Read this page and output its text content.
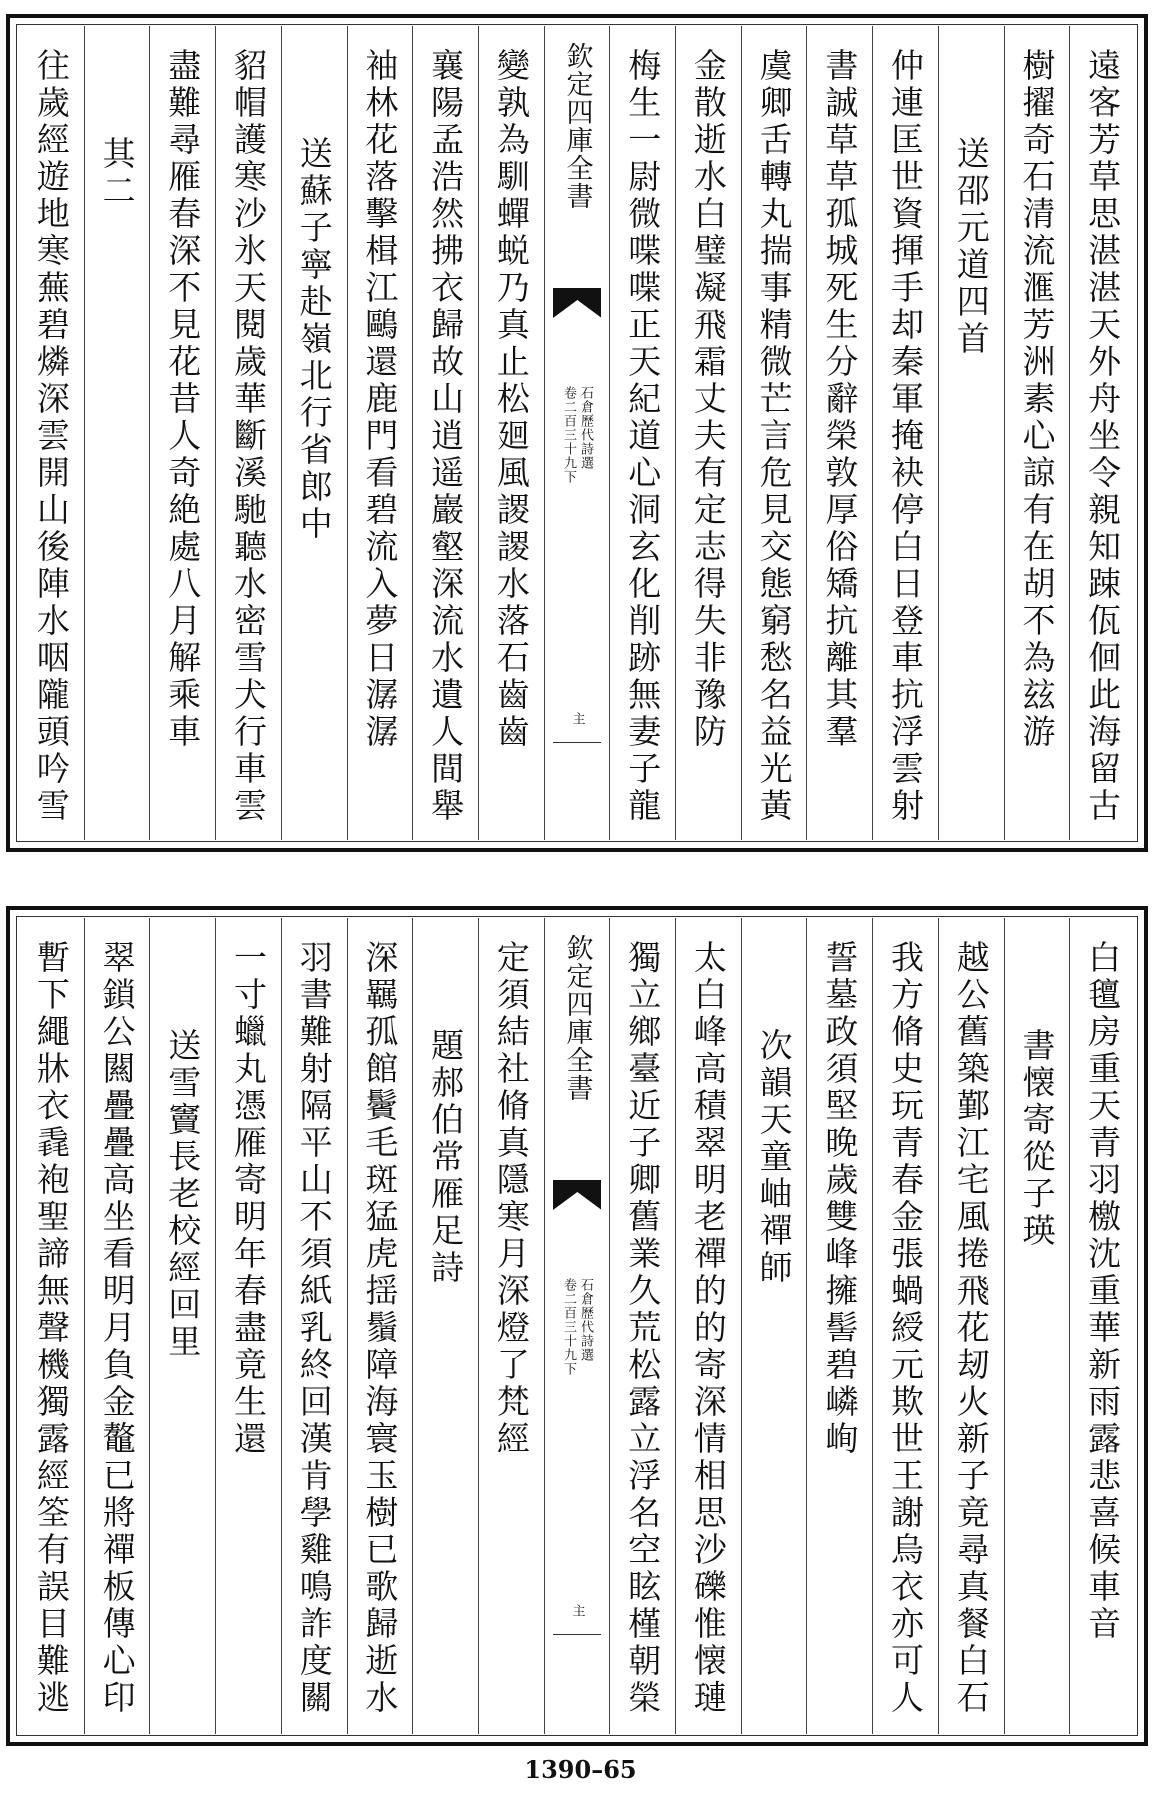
遠客芳草思湛湛天外舟坐令親知踈佤佪此海留古
樹擢奇石清流滙芳洲素心諒有在胡不為玆游
送邵元道四首
仲連匡世資揮手却秦軍掩袂停白日登車抗浮雲射
書誠草草孤城死生分辭榮敦厚俗矯抗離其羣
虞卿舌轉丸揣事精微芒言危見交態窮愁名益光黃
金散逝水白璧凝飛霜丈夫有定志得失非豫防
梅生一尉微喋喋正天紀道心洞玄化削跡無妻子龍
欽定四庫全書
石倉歷代詩選
卷二百三十九下
主
變孰為馴蟬蜕乃真止松廻風謖謖水落石齒齒
襄陽孟浩然拂衣歸故山逍遥巖壑深流水遺人間舉
袖林花落擊楫江鷗還鹿門看碧流入夢日潺潺
送蘇子寧赴嶺北行省郎中
貂帽護寒沙氷天閱歲華斷溪馳聽水密雪犬行車雲
盡難尋雁春深不見花昔人奇絶處八月解乘車
其二
往歲經遊地寒蕪碧燐深雲開山後陣水咽隴頭吟雪
白氊房重天青羽檄沈重華新雨露悲喜候車音
書懐寄從子瑛
越公舊築鄞江宅風捲飛花刼火新子竟尋真餐白石
我方脩史玩青春金張蝸綬元欺世王謝烏衣亦可人
誓墓政須堅晚歲雙峰擁髻碧嶙峋
次韻天童岫禪師
太白峰高積翠明老禪的的寄深情相思沙礫惟懐璉
獨立鄉臺近子卿舊業久荒松露立浮名空眩槿朝榮
欽定四庫全書
石倉歷代詩選
卷二百三十九下
主
定須結社脩真隱寒月深燈了梵經
題郝伯常雁足詩
深羈孤館鬢毛斑猛虎揺鬚障海寰玉樹已歌歸逝水
羽書難射隔平山不須紙乳終回漢肯學雞鳴詐度關
一寸蠟丸憑雁寄明年春盡竟生還
送雪竇長老校經回里
翠鎖公闗疊疊高坐看明月負金鼇已將禪板傳心印
暫下繩牀衣毳袍聖諦無聲機獨露經筌有誤目難逃
1390–65
